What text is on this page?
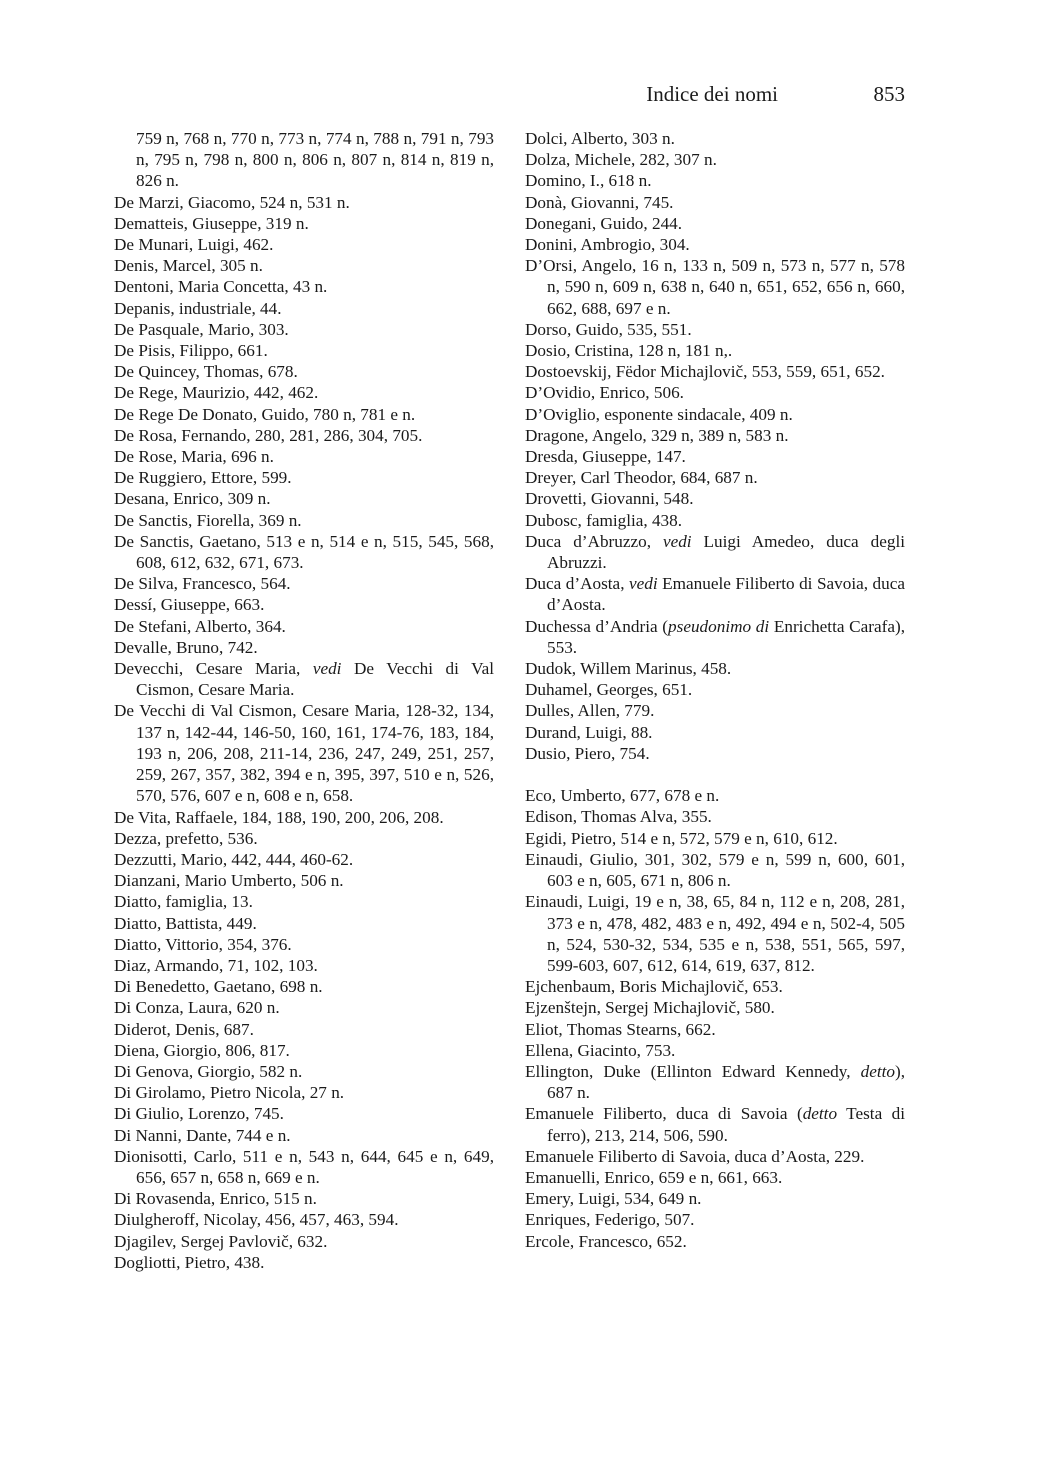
Indice dei nomi	853

759 n, 768 n, 770 n, 773 n, 774 n, 788 n, 791 n, 793 n, 795 n, 798 n, 800 n, 806 n, 807 n, 814 n, 819 n, 826 n.

De Marzi, Giacomo, 524 n, 531 n.

Dematteis, Giuseppe, 319 n.

De Munari, Luigi, 462.

Denis, Marcel, 305 n.

Dentoni, Maria Concetta, 43 n.

Depanis, industriale, 44.

De Pasquale, Mario, 303.

De Pisis, Filippo, 661.

De Quincey, Thomas, 678.

De Rege, Maurizio, 442, 462.

De Rege De Donato, Guido, 780 n, 781 e n.

De Rosa, Fernando, 280, 281, 286, 304, 705.

De Rose, Maria, 696 n.

De Ruggiero, Ettore, 599.

Desana, Enrico, 309 n.

De Sanctis, Fiorella, 369 n.

De Sanctis, Gaetano, 513 e n, 514 e n, 515, 545, 568, 608, 612, 632, 671, 673.

De Silva, Francesco, 564.

Dessí, Giuseppe, 663.

De Stefani, Alberto, 364.

Devalle, Bruno, 742.

Devecchi, Cesare Maria, vedi De Vecchi di Val Cismon, Cesare Maria.

De Vecchi di Val Cismon, Cesare Maria, 128-32, 134, 137 n, 142-44, 146-50, 160, 161, 174-76, 183, 184, 193 n, 206, 208, 211-14, 236, 247, 249, 251, 257, 259, 267, 357, 382, 394 e n, 395, 397, 510 e n, 526, 570, 576, 607 e n, 608 e n, 658.

De Vita, Raffaele, 184, 188, 190, 200, 206, 208.

Dezza, prefetto, 536.

Dezzutti, Mario, 442, 444, 460-62.

Dianzani, Mario Umberto, 506 n.

Diatto, famiglia, 13.

Diatto, Battista, 449.

Diatto, Vittorio, 354, 376.

Diaz, Armando, 71, 102, 103.

Di Benedetto, Gaetano, 698 n.

Di Conza, Laura, 620 n.

Diderot, Denis, 687.

Diena, Giorgio, 806, 817.

Di Genova, Giorgio, 582 n.

Di Girolamo, Pietro Nicola, 27 n.

Di Giulio, Lorenzo, 745.

Di Nanni, Dante, 744 e n.

Dionisotti, Carlo, 511 e n, 543 n, 644, 645 e n, 649, 656, 657 n, 658 n, 669 e n.

Di Rovasenda, Enrico, 515 n.

Diulgheroff, Nicolay, 456, 457, 463, 594.

Djagilev, Sergej Pavlovič, 632.

Dogliotti, Pietro, 438.

Dolci, Alberto, 303 n.

Dolza, Michele, 282, 307 n.

Domino, I., 618 n.

Donà, Giovanni, 745.

Donegani, Guido, 244.

Donini, Ambrogio, 304.

D’Orsi, Angelo, 16 n, 133 n, 509 n, 573 n, 577 n, 578 n, 590 n, 609 n, 638 n, 640 n, 651, 652, 656 n, 660, 662, 688, 697 e n.

Dorso, Guido, 535, 551.

Dosio, Cristina, 128 n, 181 n,.

Dostoevskij, Fëdor Michajlovič, 553, 559, 651, 652.

D’Ovidio, Enrico, 506.

D’Oviglio, esponente sindacale, 409 n.

Dragone, Angelo, 329 n, 389 n, 583 n.

Dresda, Giuseppe, 147.

Dreyer, Carl Theodor, 684, 687 n.

Drovetti, Giovanni, 548.

Dubosc, famiglia, 438.

Duca d’Abruzzo, vedi Luigi Amedeo, duca degli Abruzzi.

Duca d’Aosta, vedi Emanuele Filiberto di Savoia, duca d’Aosta.

Duchessa d’Andria (pseudonimo di Enrichetta Carafa), 553.

Dudok, Willem Marinus, 458.

Duhamel, Georges, 651.

Dulles, Allen, 779.

Durand, Luigi, 88.

Dusio, Piero, 754.

Eco, Umberto, 677, 678 e n.

Edison, Thomas Alva, 355.

Egidi, Pietro, 514 e n, 572, 579 e n, 610, 612.

Einaudi, Giulio, 301, 302, 579 e n, 599 n, 600, 601, 603 e n, 605, 671 n, 806 n.

Einaudi, Luigi, 19 e n, 38, 65, 84 n, 112 e n, 208, 281, 373 e n, 478, 482, 483 e n, 492, 494 e n, 502-4, 505 n, 524, 530-32, 534, 535 e n, 538, 551, 565, 597, 599-603, 607, 612, 614, 619, 637, 812.

Ejchenbaum, Boris Michajlovič, 653.

Ejzenštejn, Sergej Michajlovič, 580.

Eliot, Thomas Stearns, 662.

Ellena, Giacinto, 753.

Ellington, Duke (Ellinton Edward Kennedy, detto), 687 n.

Emanuele Filiberto, duca di Savoia (detto Testa di ferro), 213, 214, 506, 590.

Emanuele Filiberto di Savoia, duca d’Aosta, 229.

Emanuelli, Enrico, 659 e n, 661, 663.

Emery, Luigi, 534, 649 n.

Enriques, Federigo, 507.

Ercole, Francesco, 652.
